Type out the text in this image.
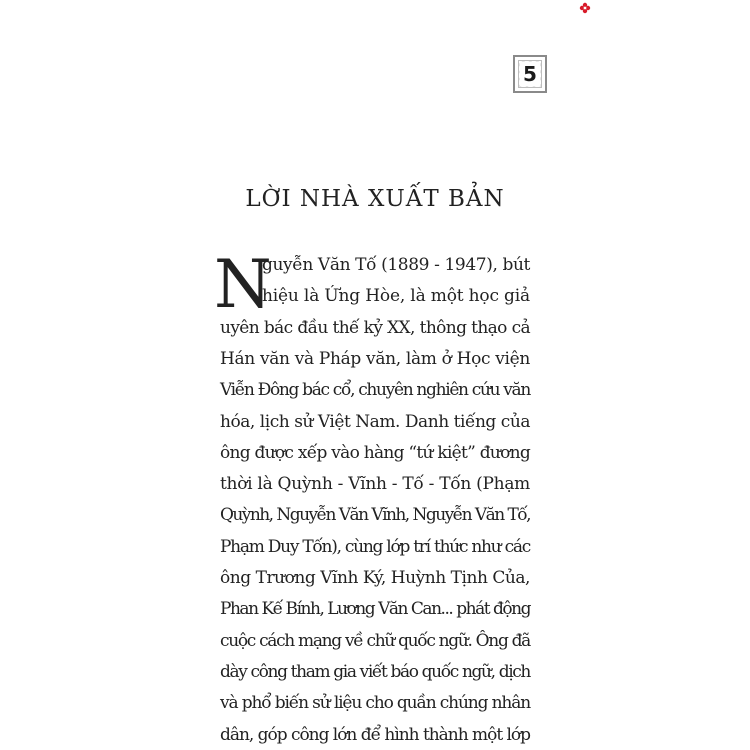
5
LỜI NHÀ XUẤT BẢN
N
guyễn Văn Tố (1889 - 1947), bút
hiệu là Ứng Hòe, là một học giả
uyên bác đầu thế kỷ XX, thông thạo cả
Hán văn và Pháp văn, làm ở Học viện
Viễn Đông bác cổ, chuyên nghiên cứu văn
hóa, lịch sử Việt Nam. Danh tiếng của
ông được xếp vào hàng “tứ kiệt” đương
thời là Quỳnh - Vĩnh - Tố - Tốn (Phạm
Quỳnh, Nguyễn Văn Vĩnh, Nguyễn Văn Tố,
Phạm Duy Tốn), cùng lớp trí thức như các
ông Trương Vĩnh Ký, Huỳnh Tịnh Của,
Phan Kế Bính, Lương Văn Can... phát động
cuộc cách mạng về chữ quốc ngữ. Ông đã
dày công tham gia viết báo quốc ngữ, dịch
và phổ biến sử liệu cho quần chúng nhân
dân, góp công lớn để hình thành một lớp
